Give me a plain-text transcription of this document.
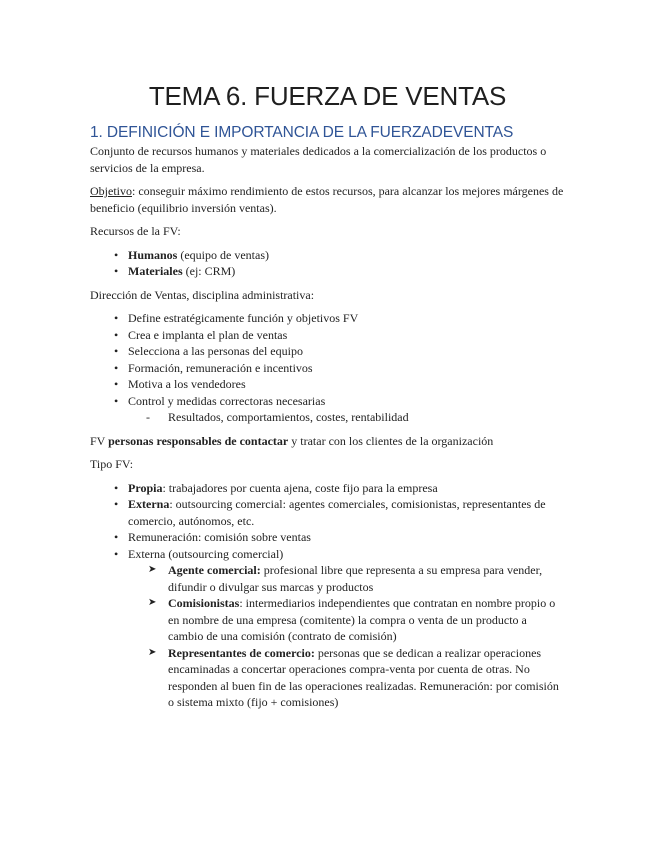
TEMA 6. FUERZA DE VENTAS
1. DEFINICIÓN E IMPORTANCIA DE LA FUERZADEVENTAS

Conjunto de recursos humanos y materiales dedicados a la comercialización de los productos o servicios de la empresa.

Objetivo: conseguir máximo rendimiento de estos recursos, para alcanzar los mejores márgenes de beneficio (equilibrio inversión ventas).

Recursos de la FV:

• Humanos (equipo de ventas)
• Materiales (ej: CRM)

Dirección de Ventas, disciplina administrativa:

• Define estratégicamente función y objetivos FV
• Crea e implanta el plan de ventas
• Selecciona a las personas del equipo
• Formación, remuneración e incentivos
• Motiva a los vendedores
• Control y medidas correctoras necesarias
- Resultados, comportamientos, costes, rentabilidad

FV personas responsables de contactar y tratar con los clientes de la organización

Tipo FV:

• Propia: trabajadores por cuenta ajena, coste fijo para la empresa
• Externa: outsourcing comercial: agentes comerciales, comisionistas, representantes de comercio, autónomos, etc.
• Remuneración: comisión sobre ventas
• Externa (outsourcing comercial)
➤ Agente comercial: profesional libre que representa a su empresa para vender, difundir o divulgar sus marcas y productos
➤ Comisionistas: intermediarios independientes que contratan en nombre propio o en nombre de una empresa (comitente) la compra o venta de un producto a cambio de una comisión (contrato de comisión)
➤ Representantes de comercio: personas que se dedican a realizar operaciones encaminadas a concertar operaciones compra-venta por cuenta de otras. No responden al buen fin de las operaciones realizadas. Remuneración: por comisión o sistema mixto (fijo + comisiones)
